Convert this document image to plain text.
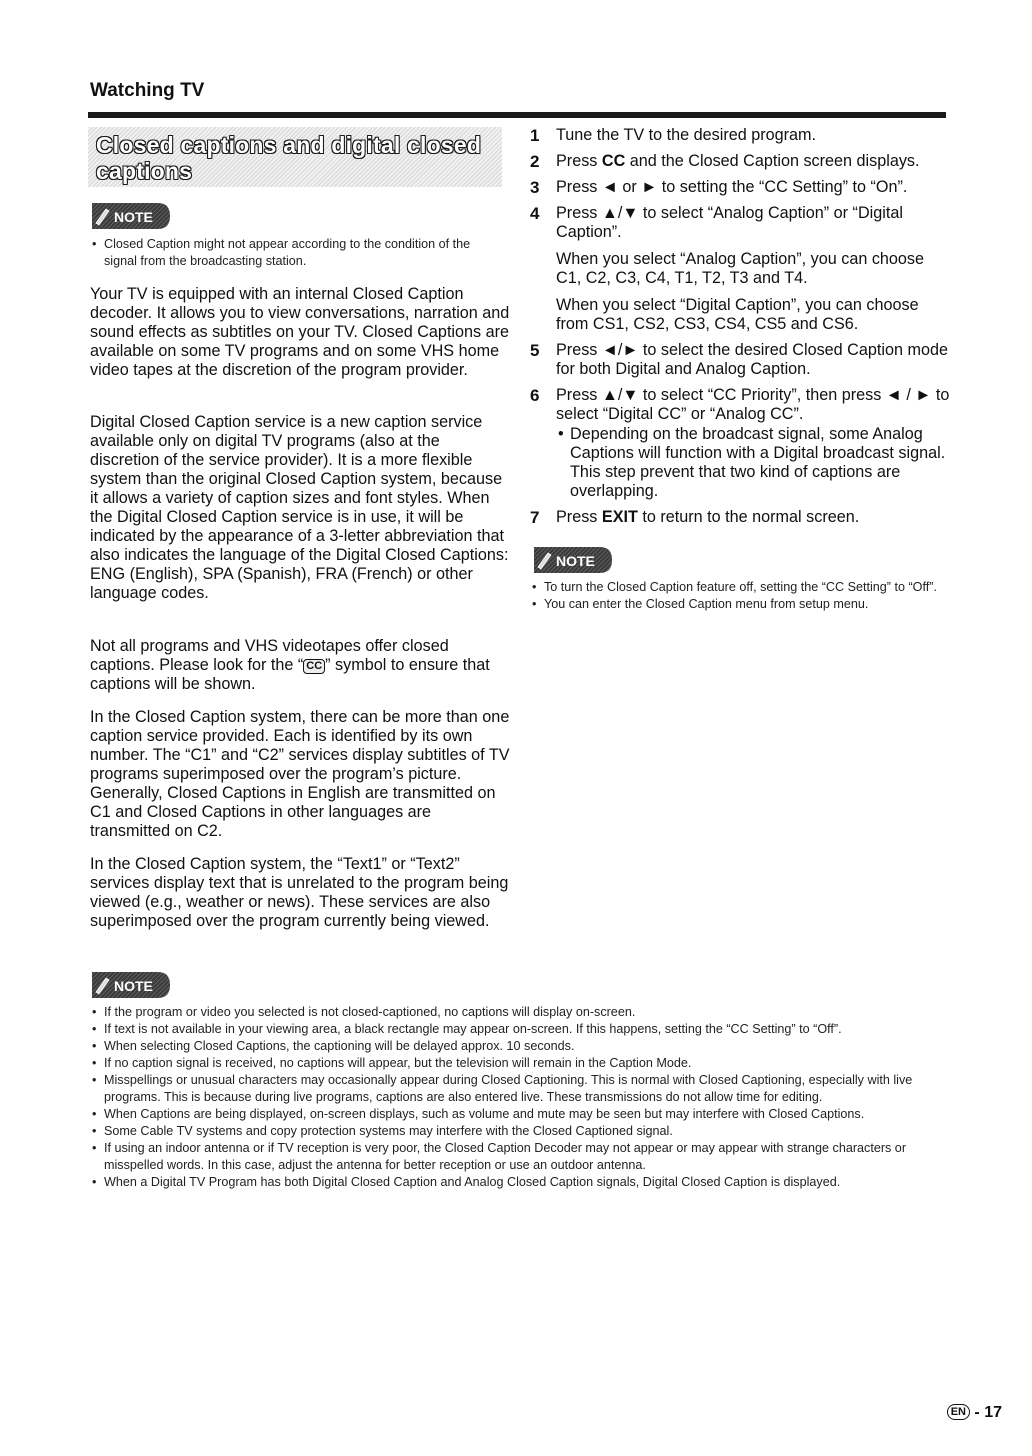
Watching TV
Closed captions and digital closed captions
NOTE
• Closed Caption might not appear according to the condition of the signal from the broadcasting station.

Your TV is equipped with an internal Closed Caption decoder. It allows you to view conversations, narration and sound effects as subtitles on your TV. Closed Captions are available on some TV programs and on some VHS home video tapes at the discretion of the program provider.

Digital Closed Caption service is a new caption service available only on digital TV programs (also at the discretion of the service provider). It is a more flexible system than the original Closed Caption system, because it allows a variety of caption sizes and font styles. When the Digital Closed Caption service is in use, it will be indicated by the appearance of a 3-letter abbreviation that also indicates the language of the Digital Closed Captions: ENG (English), SPA (Spanish), FRA (French) or other language codes.

Not all programs and VHS videotapes offer closed captions. Please look for the “ CC ” symbol to ensure that captions will be shown.

In the Closed Caption system, there can be more than one caption service provided. Each is identified by its own number. The “C1” and “C2” services display subtitles of TV programs superimposed over the program’s picture. Generally, Closed Captions in English are transmitted on C1 and Closed Captions in other languages are transmitted on C2.

In the Closed Caption system, the “Text1” or “Text2” services display text that is unrelated to the program being viewed (e.g., weather or news). These services are also superimposed over the program currently being viewed.

1 Tune the TV to the desired program.
2 Press CC and the Closed Caption screen displays.
3 Press ◄ or ► to setting the “CC Setting” to “On”.
4 Press ▲/▼ to select “Analog Caption” or “Digital Caption”.
When you select “Analog Caption”, you can choose C1, C2, C3, C4, T1, T2, T3 and T4.
When you select “Digital Caption”, you can choose from CS1, CS2, CS3, CS4, CS5 and CS6.
5 Press ◄/► to select the desired Closed Caption mode for both Digital and Analog Caption.
6 Press ▲/▼ to select “CC Priority”, then press ◄ / ► to select “Digital CC” or “Analog CC”.
• Depending on the broadcast signal, some Analog Captions will function with a Digital broadcast signal. This step prevent that two kind of captions are overlapping.
7 Press EXIT to return to the normal screen.
NOTE
• To turn the Closed Caption feature off, setting the “CC Setting” to “Off”.
• You can enter the Closed Caption menu from setup menu.
NOTE
• If the program or video you selected is not closed-captioned, no captions will display on-screen.
• If text is not available in your viewing area, a black rectangle may appear on-screen. If this happens, setting the “CC Setting” to “Off”.
• When selecting Closed Captions, the captioning will be delayed approx. 10 seconds.
• If no caption signal is received, no captions will appear, but the television will remain in the Caption Mode.
• Misspellings or unusual characters may occasionally appear during Closed Captioning. This is normal with Closed Captioning, especially with live programs. This is because during live programs, captions are also entered live. These transmissions do not allow time for editing.
• When Captions are being displayed, on-screen displays, such as volume and mute may be seen but may interfere with Closed Captions.
• Some Cable TV systems and copy protection systems may interfere with the Closed Captioned signal.
• If using an indoor antenna or if TV reception is very poor, the Closed Caption Decoder may not appear or may appear with strange characters or misspelled words. In this case, adjust the antenna for better reception or use an outdoor antenna.
• When a Digital TV Program has both Digital Closed Caption and Analog Closed Caption signals, Digital Closed Caption is displayed.
EN - 17
